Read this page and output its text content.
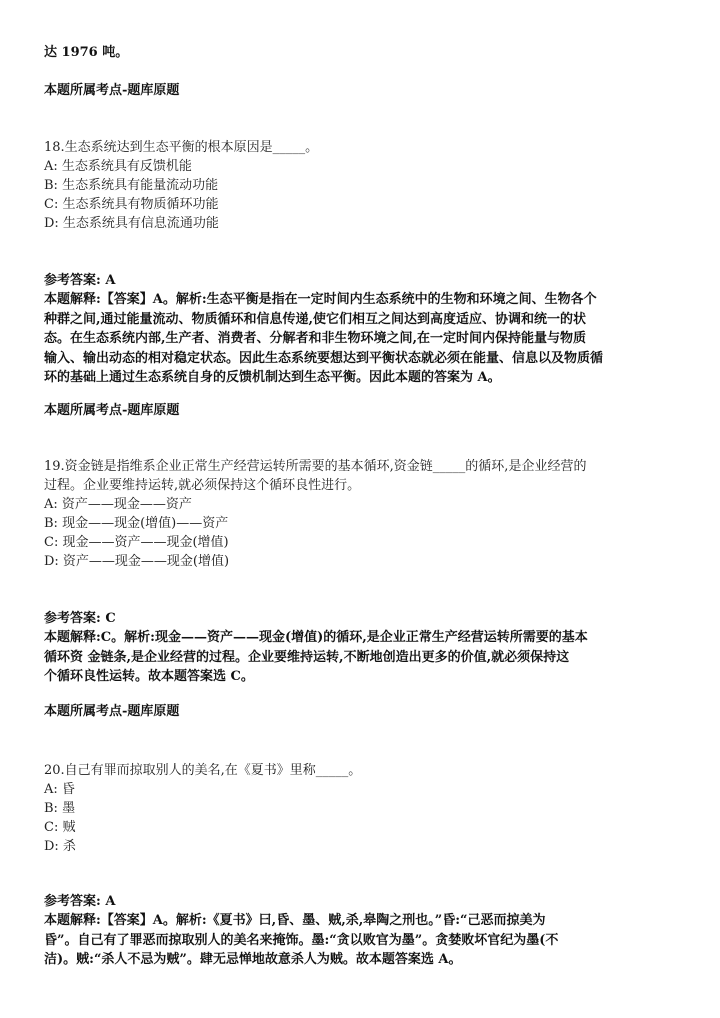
达 1976 吨。
本题所属考点-题库原题
18.生态系统达到生态平衡的根本原因是_____。
A: 生态系统具有反馈机能
B: 生态系统具有能量流动功能
C: 生态系统具有物质循环功能
D: 生态系统具有信息流通功能
参考答案: A
本题解释:【答案】A。解析:生态平衡是指在一定时间内生态系统中的生物和环境之间、生物各个
种群之间,通过能量流动、物质循环和信息传递,使它们相互之间达到高度适应、协调和统一的状
态。在生态系统内部,生产者、消费者、分解者和非生物环境之间,在一定时间内保持能量与物质
输入、输出动态的相对稳定状态。因此生态系统要想达到平衡状态就必须在能量、信息以及物质循
环的基础上通过生态系统自身的反馈机制达到生态平衡。因此本题的答案为 A。
本题所属考点-题库原题
19.资金链是指维系企业正常生产经营运转所需要的基本循环,资金链_____的循环,是企业经营的
过程。企业要维持运转,就必须保持这个循环良性进行。
A: 资产——现金——资产
B: 现金——现金(增值)——资产
C: 现金——资产——现金(增值)
D: 资产——现金——现金(增值)
参考答案: C
本题解释:C。解析:现金——资产——现金(增值)的循环,是企业正常生产经营运转所需要的基本
循环资 金链条,是企业经营的过程。企业要维持运转,不断地创造出更多的价值,就必须保持这
个循环良性运转。故本题答案选 C。
本题所属考点-题库原题
20.自己有罪而掠取别人的美名,在《夏书》里称_____。
A: 昏
B: 墨
C: 贼
D: 杀
参考答案: A
本题解释:【答案】A。解析:《夏书》曰,昏、墨、贼,杀,皋陶之刑也。”昏:“己恶而掠美为
昏”。自己有了罪恶而掠取别人的美名来掩饰。墨:“贪以败官为墨”。贪婪败坏官纪为墨(不
洁)。贼:“杀人不忌为贼”。肆无忌惮地故意杀人为贼。故本题答案选 A。
